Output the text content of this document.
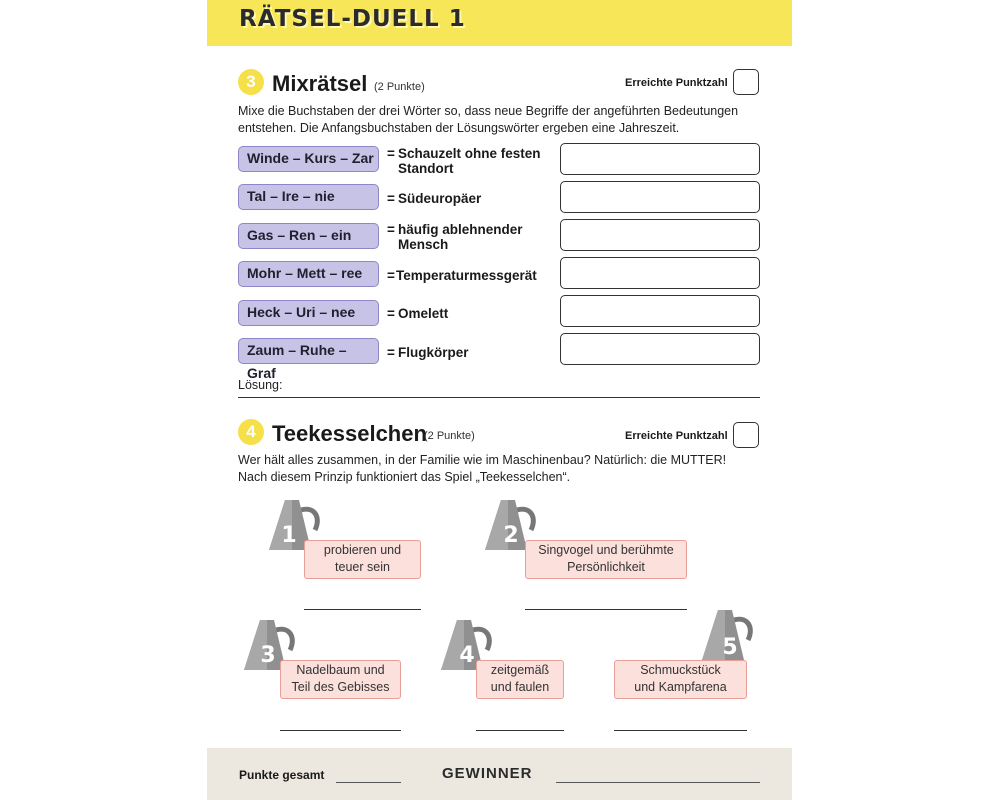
RÄTSEL-DUELL 1
3 Mixrätsel (2 Punkte)	Erreichte Punktzahl
Mixe die Buchstaben der drei Wörter so, dass neue Begriffe der angeführten Bedeutungen
entstehen. Die Anfangsbuchstaben der Lösungswörter ergeben eine Jahreszeit.
Winde – Kurs – Zar = Schauzelt ohne festen Standort
Tal – Ire – nie	= Südeuropäer
Gas – Ren – ein	= häufig ablehnender Mensch
Mohr – Mett – ree	= Temperaturmessgerät
Heck – Uri – nee	= Omelett
Zaum – Ruhe – Graf
= Flugkörper
Lösung:
4 Teekesselchen
(2 Punkte)	Erreichte Punktzahl
Wer hält alles zusammen, in der Familie wie im Maschinenbau? Natürlich: die MUTTER!
Nach diesem Prinzip funktioniert das Spiel „Teekesselchen“.
1
probieren und
teuer sein
2
Singvogel und berühmte
Persönlichkeit
3
Nadelbaum und
Teil des Gebisses
4
zeitgemäß
und faulen
5
Schmuckstück
und Kampfarena
Punkte gesamt	GEWINNER
